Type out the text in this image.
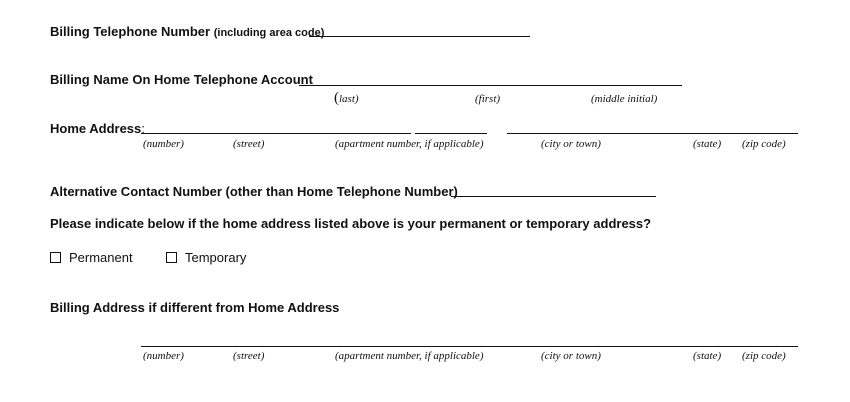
Billing Telephone Number (including area code)
Billing Name On Home Telephone Account
(last)	(first)	(middle initial)
Home Address:
(number)	(street)	(apartment number, if applicable)	(city or town)	(state) (zip code)
Alternative Contact Number (other than Home Telephone Number)
Please indicate below if the home address listed above is your permanent or temporary address?
Permanent	Temporary
Billing Address if different from Home Address
(number)	(street)	(apartment number, if applicable)	(city or town)	(state) (zip code)
